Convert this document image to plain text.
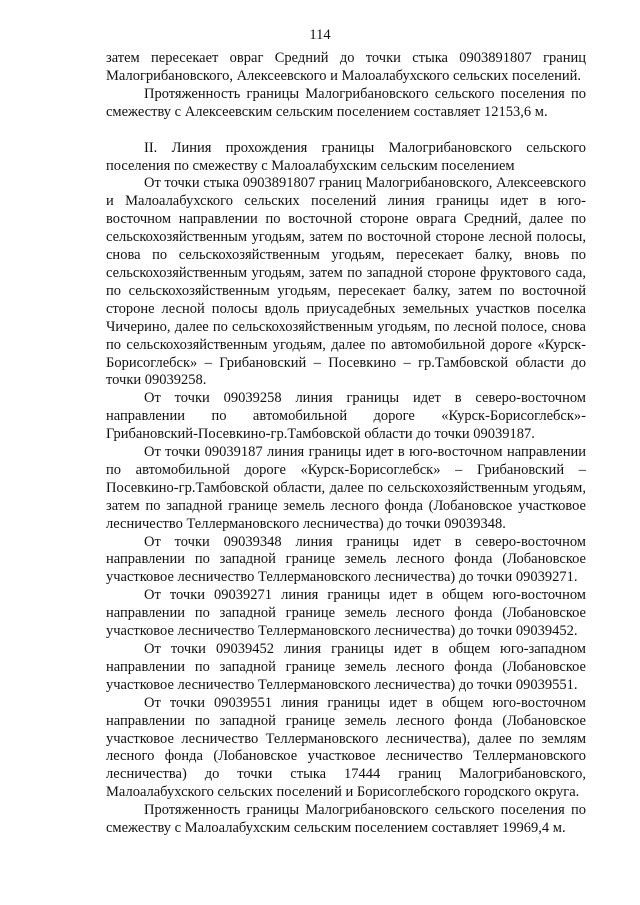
114

затем пересекает овраг Средний до точки стыка 0903891807 границ Малогрибановского, Алексеевского и Малоалабухского сельских поселений.

Протяженность границы Малогрибановского сельского поселения по смежеству с Алексеевским сельским поселением составляет 12153,6 м.

II. Линия прохождения границы Малогрибановского сельского поселения по смежеству с Малоалабухским сельским поселением

От точки стыка 0903891807 границ Малогрибановского, Алексеевского и Малоалабухского сельских поселений линия границы идет в юго-восточном направлении по восточной стороне оврага Средний, далее по сельскохозяйственным угодьям, затем по восточной стороне лесной полосы, снова по сельскохозяйственным угодьям, пересекает балку, вновь по сельскохозяйственным угодьям, затем по западной стороне фруктового сада, по сельскохозяйственным угодьям, пересекает балку, затем по восточной стороне лесной полосы вдоль приусадебных земельных участков поселка Чичерино, далее по сельскохозяйственным угодьям, по лесной полосе, снова по сельскохозяйственным угодьям, далее по автомобильной дороге «Курск-Борисоглебск» – Грибановский – Посевкино – гр.Тамбовской области до точки 09039258.

От точки 09039258 линия границы идет в северо-восточном направлении по автомобильной дороге «Курск-Борисоглебск»-Грибановский-Посевкино-гр.Тамбовской области до точки 09039187.

От точки 09039187 линия границы идет в юго-восточном направлении по автомобильной дороге «Курск-Борисоглебск» – Грибановский – Посевкино-гр.Тамбовской области, далее по сельскохозяйственным угодьям, затем по западной границе земель лесного фонда (Лобановское участковое лесничество Теллермановского лесничества) до точки 09039348.

От точки 09039348 линия границы идет в северо-восточном направлении по западной границе земель лесного фонда (Лобановское участковое лесничество Теллермановского лесничества) до точки 09039271.

От точки 09039271 линия границы идет в общем юго-восточном направлении по западной границе земель лесного фонда (Лобановское участковое лесничество Теллермановского лесничества) до точки 09039452.

От точки 09039452 линия границы идет в общем юго-западном направлении по западной границе земель лесного фонда (Лобановское участковое лесничество Теллермановского лесничества) до точки 09039551.

От точки 09039551 линия границы идет в общем юго-восточном направлении по западной границе земель лесного фонда (Лобановское участковое лесничество Теллермановского лесничества), далее по землям лесного фонда (Лобановское участковое лесничество Теллермановского лесничества) до точки стыка 17444 границ Малогрибановского, Малоалабухского сельских поселений и Борисоглебского городского округа.

Протяженность границы Малогрибановского сельского поселения по смежеству с Малоалабухским сельским поселением составляет 19969,4 м.
